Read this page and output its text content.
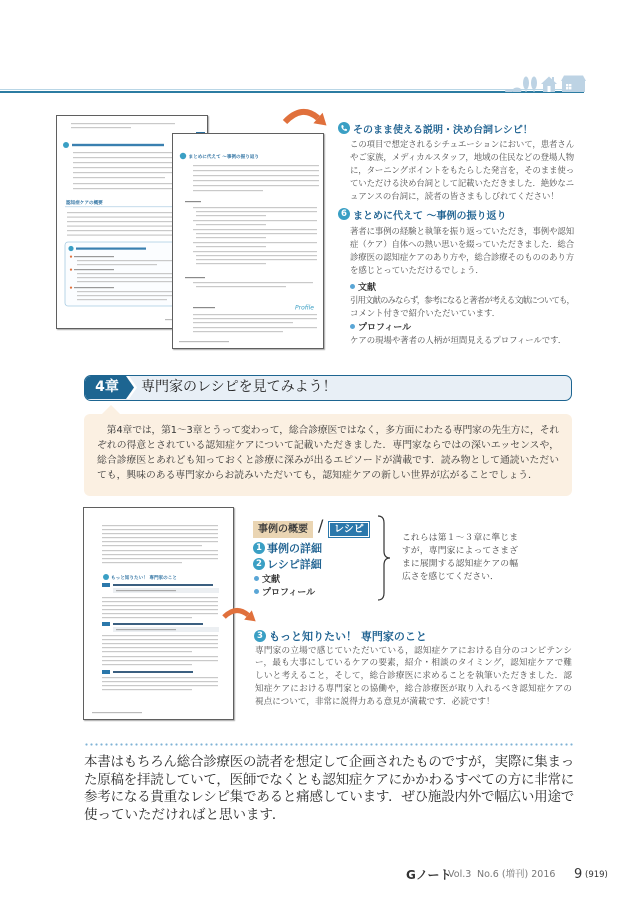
認知症ケアの概要
まとめに代えて ～事例の振り返り
Profile
そのまま使える説明・決め台詞レシピ！
この項目で想定されるシチュエーションにおいて，患者さん
やご家族，メディカルスタッフ，地域の住民などの登場人物
に，ターニングポイントをもたらした発言を，そのまま使っ
ていただける決め台詞として記載いただきました．絶妙なニ
ュアンスの台詞に，読者の皆さまもしびれてください！
6 まとめに代えて ～事例の振り返り
著者に事例の経験と執筆を振り返っていただき，事例や認知
症（ケア）自体への熱い思いを綴っていただきました．総合
診療医の認知症ケアのあり方や，総合診療そのもののあり方
を感じとっていただけるでしょう．
文献
引用文献のみならず，参考になると著者が考える文献についても，
コメント付きで紹介いただいています．
プロフィール
ケアの現場や著者の人柄が垣間見えるプロフィールです．
4章	専門家のレシピを見てみよう！
第4章では，第1～3章とうって変わって，総合診療医ではなく，多方面にわたる専門家の先生方に，それ
ぞれの得意とされている認知症ケアについて記載いただきました．専門家ならではの深いエッセンスや，
総合診療医とあれども知っておくと診療に深みが出るエピソードが満載です．読み物として通読いただい
ても，興味のある専門家からお読みいただいても，認知症ケアの新しい世界が広がることでしょう．
もっと知りたい！ 専門家のこと
事例の概要 /	レシピ
1 事例の詳細
2 レシピ詳細
文献
プロフィール
これらは第１～３章に準じま
すが，専門家によってさまざ
まに展開する認知症ケアの幅
広さを感じてください．
3 もっと知りたい！ 専門家のこと
専門家の立場で感じていただいている，認知症ケアにおける自分のコンピテンシ
ー，最も大事にしているケアの要素，紹介・相談のタイミング，認知症ケアで難
しいと考えること，そして，総合診療医に求めることを執筆いただきました．認
知症ケアにおける専門家との協働や，総合診療医が取り入れるべき認知症ケアの
視点について，非常に説得力ある意見が満載です．必読です！
本書はもちろん総合診療医の読者を想定して企画されたものですが，実際に集まっ
た原稿を拝読していて，医師でなくとも認知症ケアにかかわるすべての方に非常に
参考になる貴重なレシピ集であると痛感しています．ぜひ施設内外で幅広い用途で
使っていただければと思います．
Gノート
Vol.3 No.6 (増刊) 2016 9 (919)
